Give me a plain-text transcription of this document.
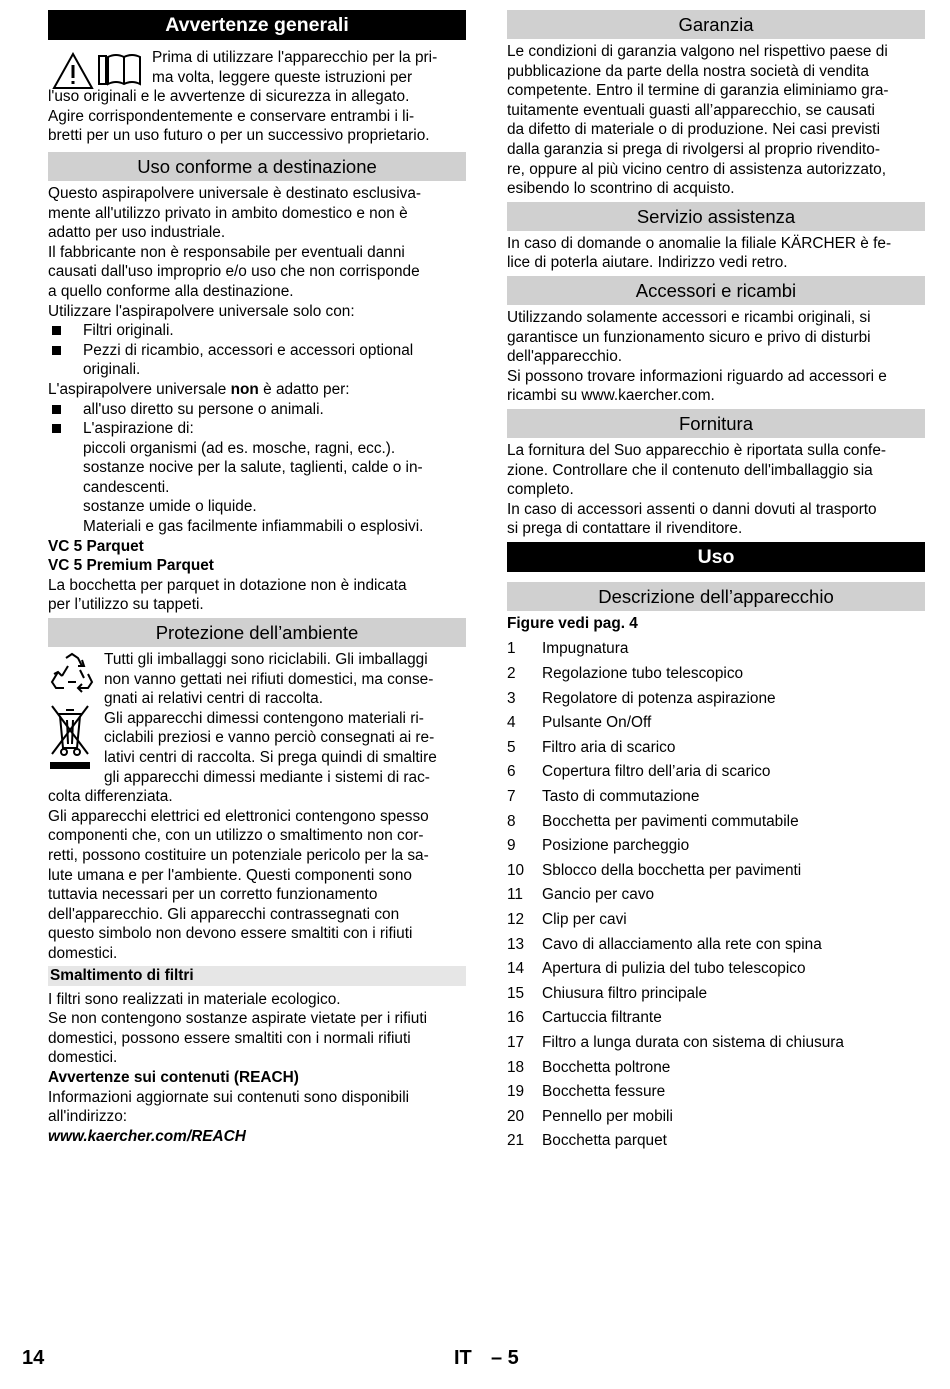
Avvertenze generali

Prima di utilizzare l'apparecchio per la pri-

ma volta, leggere queste istruzioni per

l'uso originali e le avvertenze di sicurezza in allegato.

Agire corrispondentemente e conservare entrambi i li-

bretti per un uso futuro o per un successivo proprietario.

Uso conforme a destinazione

Questo aspirapolvere universale è destinato esclusiva-

mente all'utilizzo privato in ambito domestico e non è

adatto per uso industriale.

Il fabbricante non è responsabile per eventuali danni

causati dall'uso improprio e/o uso che non corrisponde

a quello conforme alla destinazione.

Utilizzare l'aspirapolvere universale solo con:

Filtri originali.

Pezzi di ricambio, accessori e accessori optional

originali.

L'aspirapolvere universale non è adatto per:

all'uso diretto su persone o animali.

L'aspirazione di:

piccoli organismi (ad es. mosche, ragni, ecc.).

sostanze nocive per la salute, taglienti, calde o in-

candescenti.

sostanze umide o liquide.

Materiali e gas facilmente infiammabili o esplosivi.

VC 5 Parquet

VC 5 Premium Parquet

La bocchetta per parquet in dotazione non è indicata

per l’utilizzo su tappeti.

Protezione dell’ambiente

Tutti gli imballaggi sono riciclabili. Gli imballaggi

non vanno gettati nei rifiuti domestici, ma conse-

gnati ai relativi centri di raccolta.

Gli apparecchi dimessi contengono materiali ri-

ciclabili preziosi e vanno perciò consegnati ai re-

lativi centri di raccolta. Si prega quindi di smaltire

gli apparecchi dimessi mediante i sistemi di rac-

colta differenziata.

Gli apparecchi elettrici ed elettronici contengono spesso

componenti che, con un utilizzo o smaltimento non cor-

retti, possono costituire un potenziale pericolo per la sa-

lute umana e per l'ambiente. Questi componenti sono

tuttavia necessari per un corretto funzionamento

dell'apparecchio. Gli apparecchi contrassegnati con

questo simbolo non devono essere smaltiti con i rifiuti

domestici.

Smaltimento di filtri

I filtri sono realizzati in materiale ecologico.

Se non contengono sostanze aspirate vietate per i rifiuti

domestici, possono essere smaltiti con i normali rifiuti

domestici.

Avvertenze sui contenuti (REACH)

Informazioni aggiornate sui contenuti sono disponibili

all'indirizzo:

www.kaercher.com/REACH

Garanzia

Le condizioni di garanzia valgono nel rispettivo paese di

pubblicazione da parte della nostra società di vendita

competente. Entro il termine di garanzia eliminiamo gra-

tuitamente eventuali guasti all’apparecchio, se causati

da difetto di materiale o di produzione. Nei casi previsti

dalla garanzia si prega di rivolgersi al proprio rivendito-

re, oppure al più vicino centro di assistenza autorizzato,

esibendo lo scontrino di acquisto.

Servizio assistenza

In caso di domande o anomalie la filiale KÄRCHER è fe-

lice di poterla aiutare. Indirizzo vedi retro.

Accessori e ricambi

Utilizzando solamente accessori e ricambi originali, si

garantisce un funzionamento sicuro e privo di disturbi

dell'apparecchio.

Si possono trovare informazioni riguardo ad accessori e

ricambi su www.kaercher.com.

Fornitura

La fornitura del Suo apparecchio è riportata sulla confe-

zione. Controllare che il contenuto dell'imballaggio sia

completo.

In caso di accessori assenti o danni dovuti al trasporto

si prega di contattare il rivenditore.

Uso
Descrizione dell’apparecchio

Figure vedi pag. 4

1	Impugnatura
2	Regolazione tubo telescopico
3	Regolatore di potenza aspirazione
4	Pulsante On/Off
5	Filtro aria di scarico
6	Copertura filtro dell’aria di scarico
7	Tasto di commutazione
8	Bocchetta per pavimenti commutabile
9	Posizione parcheggio
10	Sblocco della bocchetta per pavimenti
11	Gancio per cavo
12	Clip per cavi
13	Cavo di allacciamento alla rete con spina
14	Apertura di pulizia del tubo telescopico
15	Chiusura filtro principale
16	Cartuccia filtrante
17	Filtro a lunga durata con sistema di chiusura
18	Bocchetta poltrone
19	Bocchetta fessure
20	Pennello per mobili
21	Bocchetta parquet
14	IT – 5
